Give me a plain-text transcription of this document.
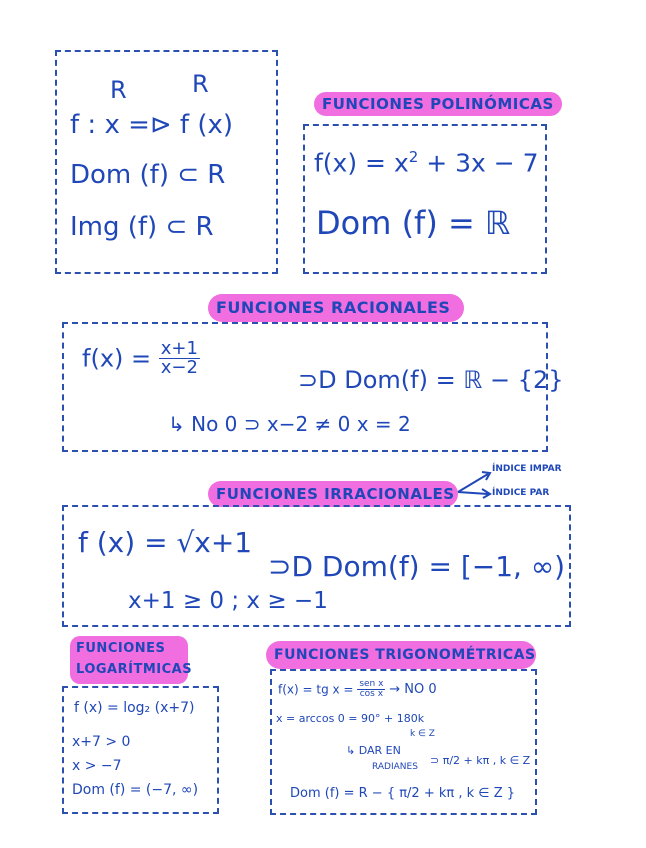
R	R
f : x =⊳ f (x)
Dom (f) ⊂ R
Img (f) ⊂ R
FUNCIONES POLINÓMICAS
$f(x) = x^2 + 3x - 7$
Dom (f) = ℝ
FUNCIONES RACIONALES
$f(x) = \frac{x+1}{x-2}$
⊃D Dom(f) = ℝ − {2}
↳ No 0 ⊃ x−2 ≠ 0 x = 2
FUNCIONES IRRACIONALES
ÍNDICE IMPAR
ÍNDICE PAR
f (x) = √x+1
⊃D Dom(f) = [−1, ∞)
x+1 ≥ 0 ; x ≥ −1
FUNCIONES
LOGARÍTMICAS
f (x) = log₂ (x+7)
x+7 > 0
x > −7
Dom (f) = (−7, ∞)
FUNCIONES TRIGONOMÉTRICAS
f(x) = tg $x = \frac{\text{sen x}}{\text{cos x}}$ → NO 0
x = arccos 0 = 90° + 180k
k ∈ Z
↳ DAR EN
RADIANES ⊃ π/2 + kπ , k ∈ Z
Dom (f) = R − { π/2 + kπ , k ∈ Z }
